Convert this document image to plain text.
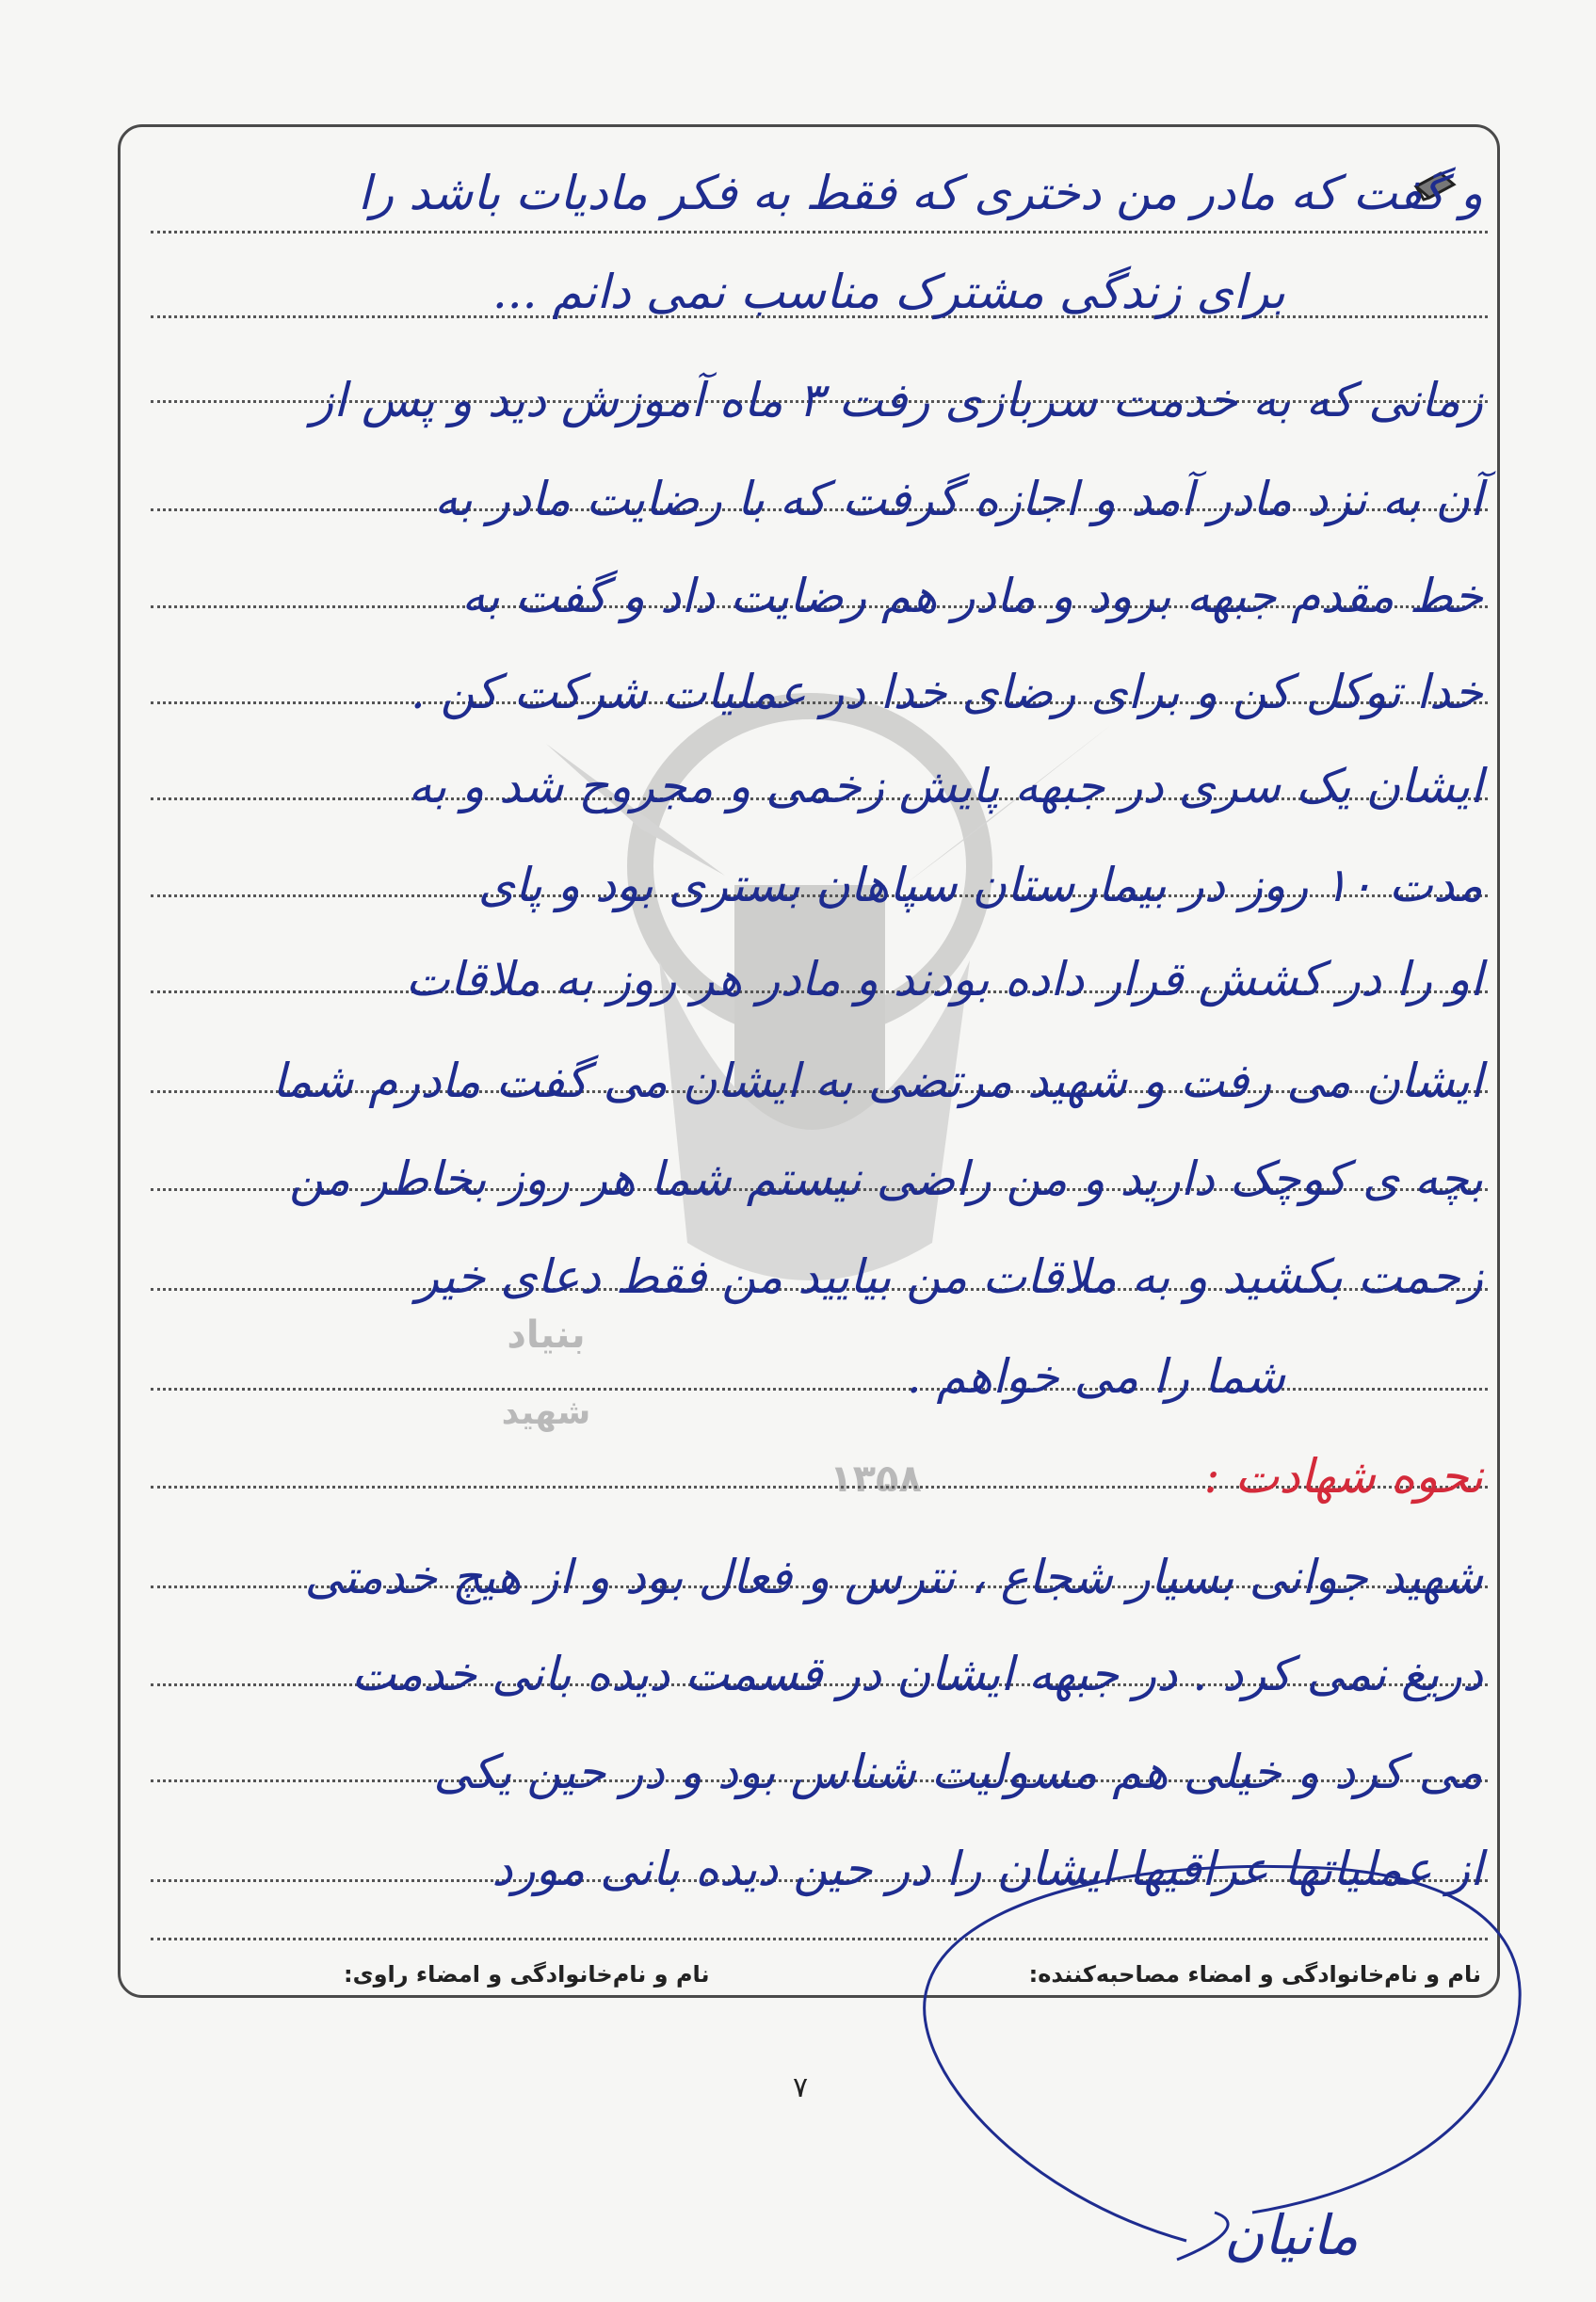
بنیاد
شهید
۱۳۵۸
و گفت که مادر من دختری که فقط به فکر مادیات باشد را
برای زندگی مشترک مناسب نمی دانم ...
زمانی که به خدمت سربازی رفت ۳ ماه آموزش دید و پس از
آن به نزد مادر آمد و اجازه گرفت که با رضایت مادر به
خط مقدم جبهه برود و مادر هم رضایت داد و گفت به
خدا توکل کن و برای رضای خدا در عملیات شرکت کن .
ایشان یک سری در جبهه پایش زخمی و مجروح شد و به
مدت ۱۰ روز در بیمارستان سپاهان بستری بود و پای
او را در کشش قرار داده بودند و مادر هر روز به ملاقات
ایشان می رفت و شهید مرتضی به ایشان می گفت مادرم شما
بچه ی کوچک دارید و من راضی نیستم شما هر روز بخاطر من
زحمت بکشید و به ملاقات من بیایید من فقط دعای خیر
شما را می خواهم .
نحوه شهادت :
شهید جوانی بسیار شجاع ، نترس و فعال بود و از هیچ خدمتی
دریغ نمی کرد . در جبهه ایشان در قسمت دیده بانی خدمت
می کرد و خیلی هم مسولیت شناس بود و در حین یکی
از عملیاتها عراقیها ایشان را در حین دیده بانی مورد
نام و نام‌خانوادگی و امضاء مصاحبه‌کننده:
نام و نام‌خانوادگی و امضاء راوی:
۷
مانیان
